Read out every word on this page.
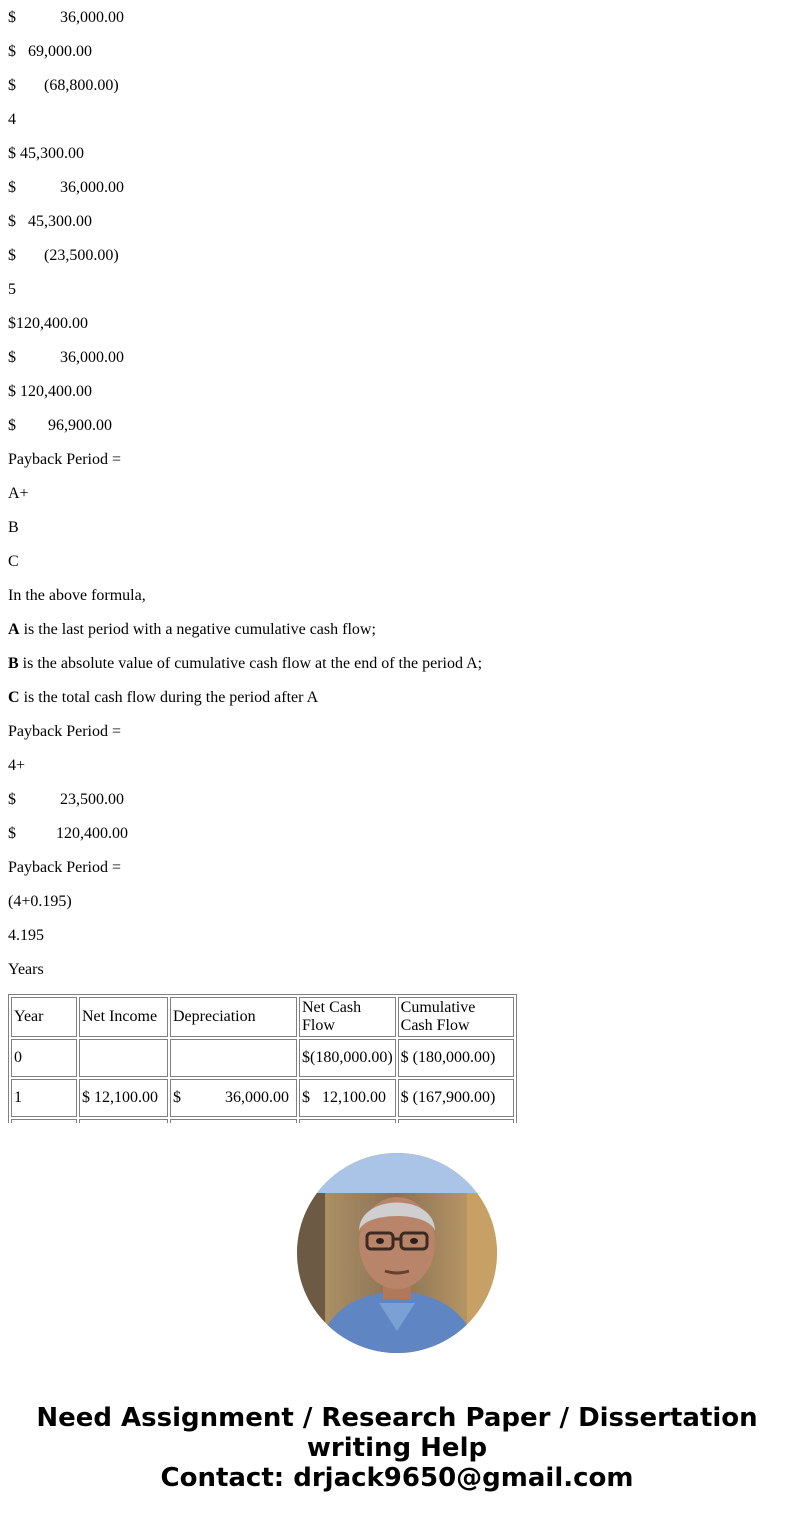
$           36,000.00
$   69,000.00
$       (68,800.00)
4
$ 45,300.00
$           36,000.00
$   45,300.00
$       (23,500.00)
5
$120,400.00
$           36,000.00
$ 120,400.00
$        96,900.00
Payback Period =
A+
B
C
In the above formula,
A is the last period with a negative cumulative cash flow;
B is the absolute value of cumulative cash flow at the end of the period A;
C is the total cash flow during the period after A
Payback Period =
4+
$           23,500.00
$          120,400.00
Payback Period =
(4+0.195)
4.195
Years
Year	Net Income	Depreciation	Net Cash Flow	Cumulative Cash Flow
0			$(180,000.00)	$ (180,000.00)
1	$ 12,100.00	$           36,000.00	$   12,100.00	$ (167,900.00)

Need Assignment / Research Paper / Dissertation
writing Help
Contact: drjack9650@gmail.com
